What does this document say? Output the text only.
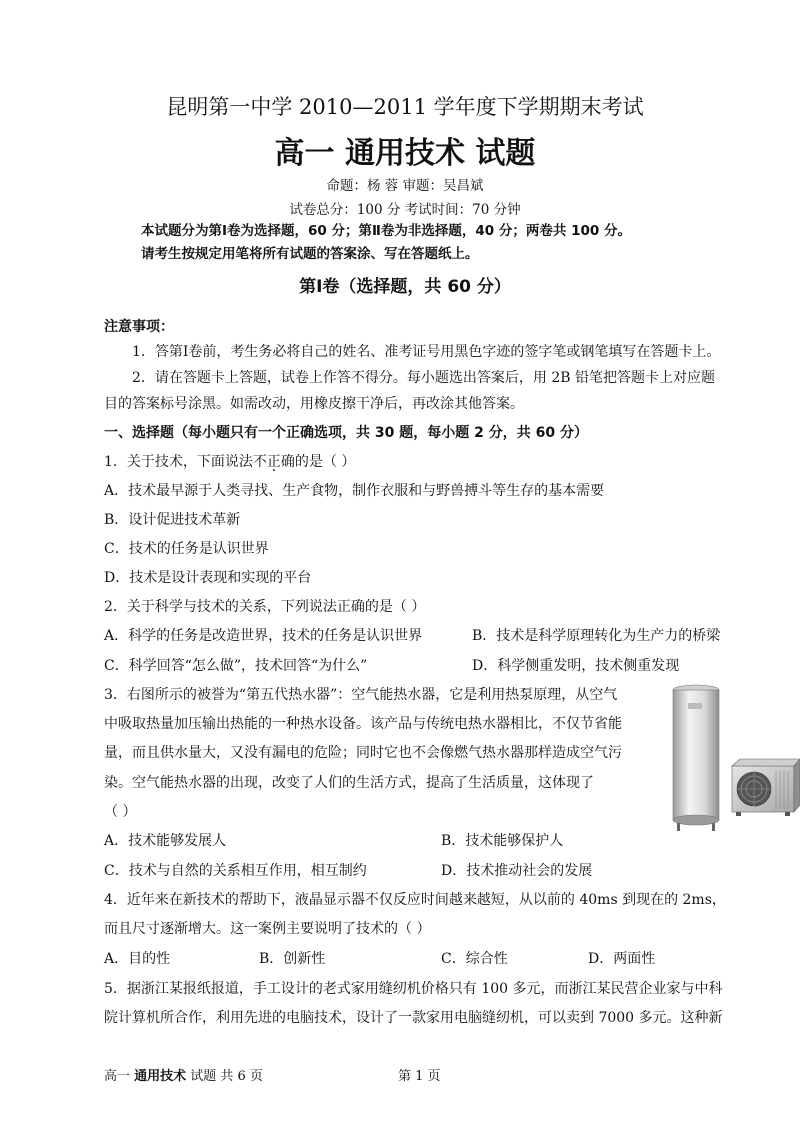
昆明第一中学 2010—2011 学年度下学期期末考试
高一 通用技术 试题
命题：杨 蓉 审题：吴昌斌
试卷总分：100 分 考试时间：70 分钟
本试题分为第Ⅰ卷为选择题，60 分；第Ⅱ卷为非选择题，40 分；两卷共 100 分。
请考生按规定用笔将所有试题的答案涂、写在答题纸上。
第Ⅰ卷（选择题，共 60 分）
注意事项：
1．答第Ⅰ卷前，考生务必将自己的姓名、准考证号用黑色字迹的签字笔或钢笔填写在答题卡上。
2．请在答题卡上答题，试卷上作答不得分。每小题选出答案后，用 2B 铅笔把答题卡上对应题
目的答案标号涂黑。如需改动，用橡皮擦干净后，再改涂其他答案。
一、选择题（每小题只有一个正确选项，共 30 题，每小题 2 分，共 60 分）
1．关于技术，下面说法不正确的是（ ）
A．技术最早源于人类寻找、生产食物，制作衣服和与野兽搏斗等生存的基本需要
B．设计促进技术革新
C．技术的任务是认识世界
D．技术是设计表现和实现的平台
2．关于科学与技术的关系，下列说法正确的是（ ）
A．科学的任务是改造世界，技术的任务是认识世界	B．技术是科学原理转化为生产力的桥梁
C．科学回答“怎么做”，技术回答“为什么”	D．科学侧重发明，技术侧重发现
3．右图所示的被誉为“第五代热水器”：空气能热水器，它是利用热泵原理，从空气
中吸取热量加压输出热能的一种热水设备。该产品与传统电热水器相比，不仅节省能
量，而且供水量大，又没有漏电的危险；同时它也不会像燃气热水器那样造成空气污
染。空气能热水器的出现，改变了人们的生活方式，提高了生活质量，这体现了
（ ）
A．技术能够发展人	B．技术能够保护人
C．技术与自然的关系相互作用，相互制约	D．技术推动社会的发展
4．近年来在新技术的帮助下，液晶显示器不仅反应时间越来越短，从以前的 40ms 到现在的 2ms，
而且尺寸逐渐增大。这一案例主要说明了技术的（ ）
A．目的性	B．创新性	C．综合性	D．两面性
5．据浙江某报纸报道，手工设计的老式家用缝纫机价格只有 100 多元，而浙江某民营企业家与中科
院计算机所合作，利用先进的电脑技术，设计了一款家用电脑缝纫机，可以卖到 7000 多元。这种新
高一 通用技术 试题 共 6 页	第 1 页
